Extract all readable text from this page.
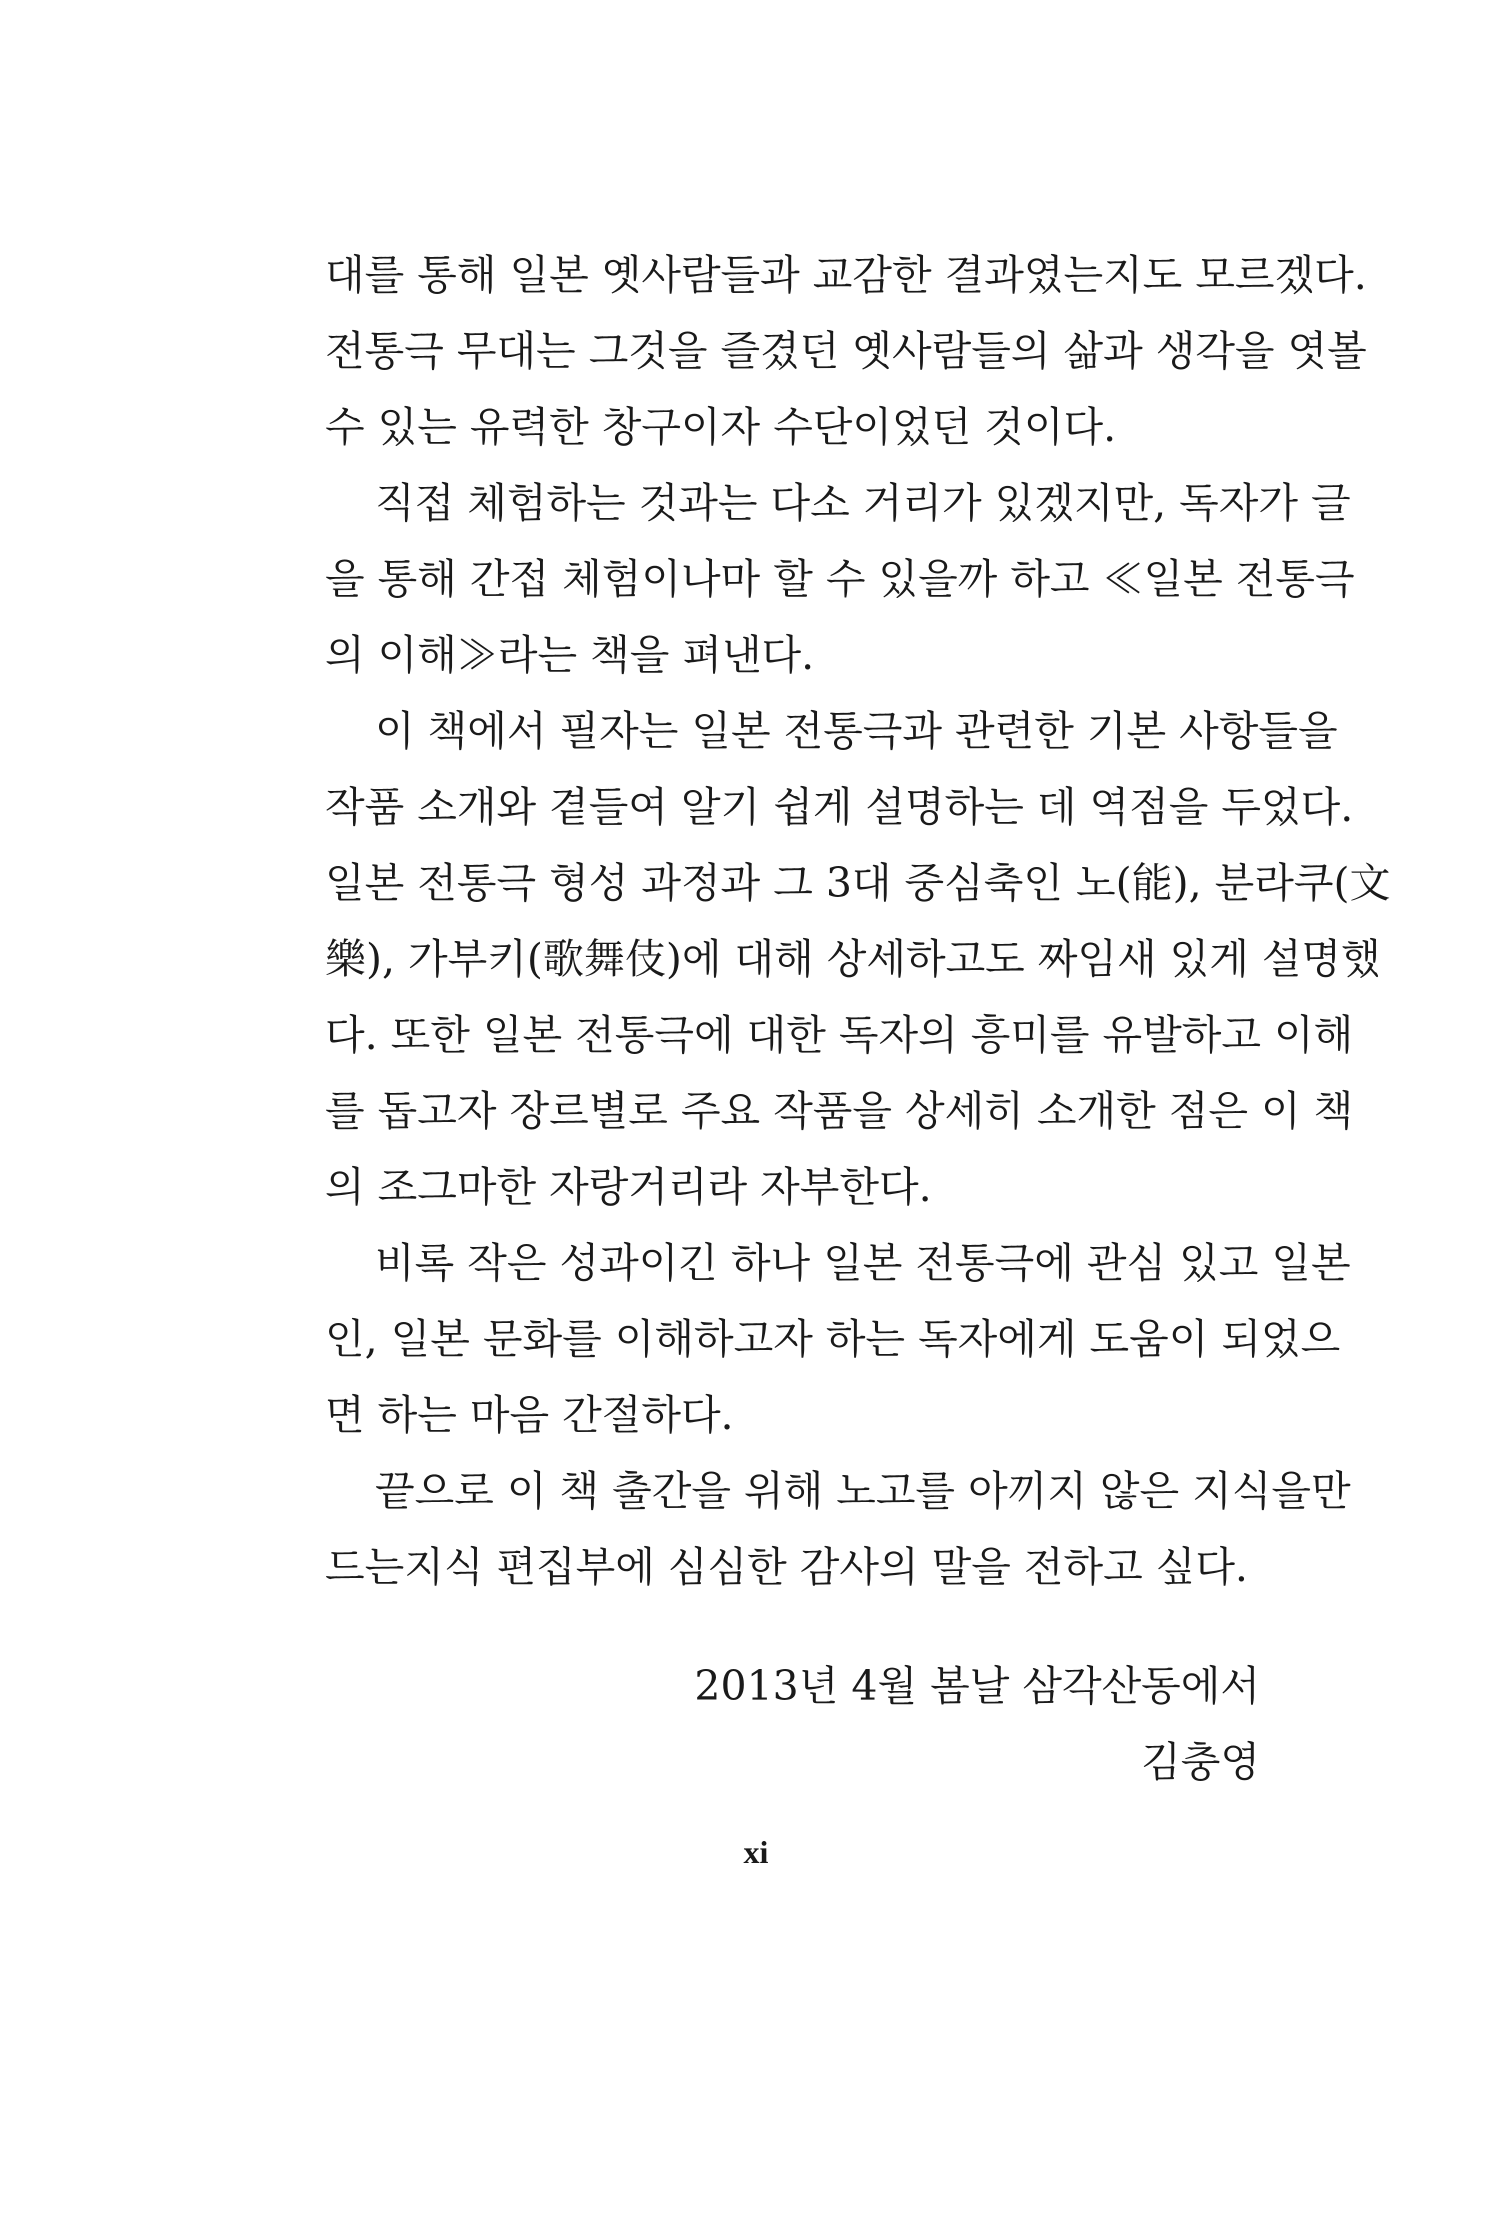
대를 통해 일본 옛사람들과 교감한 결과였는지도 모르겠다.
전통극 무대는 그것을 즐겼던 옛사람들의 삶과 생각을 엿볼
수 있는 유력한 창구이자 수단이었던 것이다.
직접 체험하는 것과는 다소 거리가 있겠지만, 독자가 글
을 통해 간접 체험이나마 할 수 있을까 하고 ≪일본 전통극
의 이해≫라는 책을 펴낸다.
이 책에서 필자는 일본 전통극과 관련한 기본 사항들을
작품 소개와 곁들여 알기 쉽게 설명하는 데 역점을 두었다.
일본 전통극 형성 과정과 그 3대 중심축인 노(能), 분라쿠(文
樂), 가부키(歌舞伎)에 대해 상세하고도 짜임새 있게 설명했
다. 또한 일본 전통극에 대한 독자의 흥미를 유발하고 이해
를 돕고자 장르별로 주요 작품을 상세히 소개한 점은 이 책
의 조그마한 자랑거리라 자부한다.
비록 작은 성과이긴 하나 일본 전통극에 관심 있고 일본
인, 일본 문화를 이해하고자 하는 독자에게 도움이 되었으
면 하는 마음 간절하다.
끝으로 이 책 출간을 위해 노고를 아끼지 않은 지식을만
드는지식 편집부에 심심한 감사의 말을 전하고 싶다.
2013년 4월 봄날 삼각산동에서
김충영
xi
